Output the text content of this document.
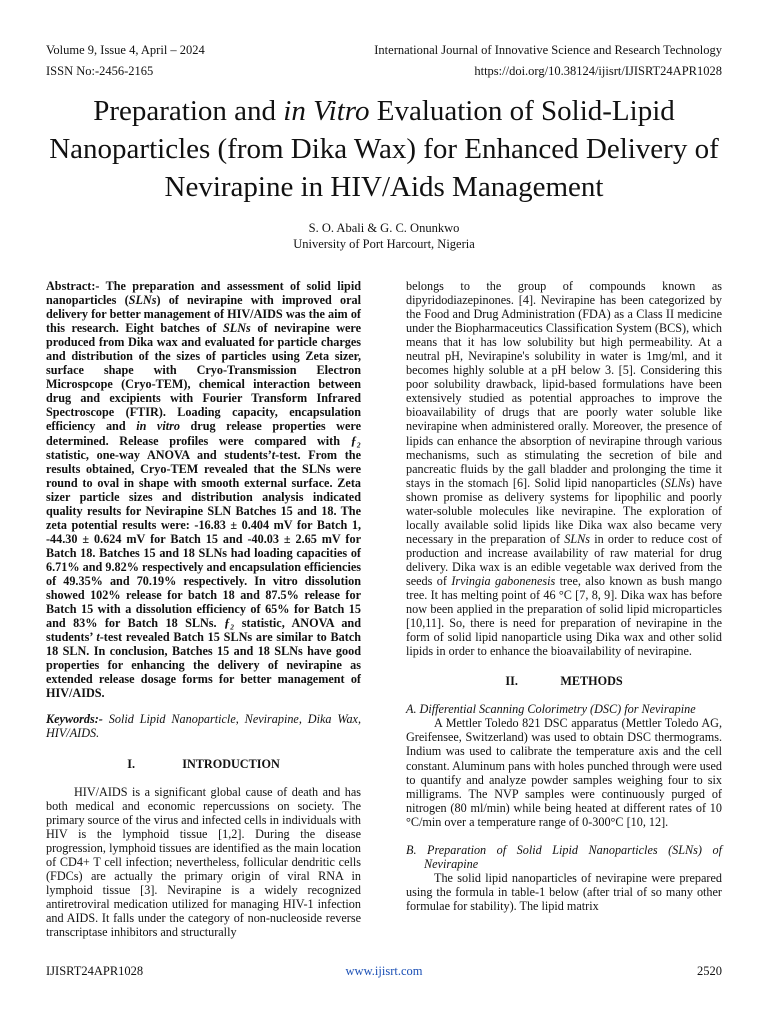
Volume 9, Issue 4, April – 2024	International Journal of Innovative Science and Research Technology
ISSN No:-2456-2165	https://doi.org/10.38124/ijisrt/IJISRT24APR1028
Preparation and in Vitro Evaluation of Solid-Lipid Nanoparticles (from Dika Wax) for Enhanced Delivery of Nevirapine in HIV/Aids Management
S. O. Abali & G. C. Onunkwo
University of Port Harcourt, Nigeria

Abstract:- The preparation and assessment of solid lipid nanoparticles (SLNs) of nevirapine with improved oral delivery for better management of HIV/AIDS was the aim of this research. Eight batches of SLNs of nevirapine were produced from Dika wax and evaluated for particle charges and distribution of the sizes of particles using Zeta sizer, surface shape with Cryo-Transmission Electron Microspcope (Cryo-TEM), chemical interaction between drug and excipients with Fourier Transform Infrared Spectroscope (FTIR). Loading capacity, encapsulation efficiency and in vitro drug release properties were determined. Release profiles were compared with ƒ₂ statistic, one-way ANOVA and students’t-test. From the results obtained, Cryo-TEM revealed that the SLNs were round to oval in shape with smooth external surface. Zeta sizer particle sizes and distribution analysis indicated quality results for Nevirapine SLN Batches 15 and 18. The zeta potential results were: -16.83 ± 0.404 mV for Batch 1, -44.30 ± 0.624 mV for Batch 15 and -40.03 ± 2.65 mV for Batch 18. Batches 15 and 18 SLNs had loading capacities of 6.71% and 9.82% respectively and encapsulation efficiencies of 49.35% and 70.19% respectively. In vitro dissolution showed 102% release for batch 18 and 87.5% release for Batch 15 with a dissolution efficiency of 65% for Batch 15 and 83% for Batch 18 SLNs. ƒ₂ statistic, ANOVA and students’ t-test revealed Batch 15 SLNs are similar to Batch 18 SLN. In conclusion, Batches 15 and 18 SLNs have good properties for enhancing the delivery of nevirapine as extended release dosage forms for better management of HIV/AIDS.

Keywords:- Solid Lipid Nanoparticle, Nevirapine, Dika Wax, HIV/AIDS.

I.	INTRODUCTION

HIV/AIDS is a significant global cause of death and has both medical and economic repercussions on society. The primary source of the virus and infected cells in individuals with HIV is the lymphoid tissue [1,2]. During the disease progression, lymphoid tissues are identified as the main location of CD4+ T cell infection; nevertheless, follicular dendritic cells (FDCs) are actually the primary origin of viral RNA in lymphoid tissue [3]. Nevirapine is a widely recognized antiretroviral medication utilized for managing HIV-1 infection and AIDS. It falls under the category of non-nucleoside reverse transcriptase inhibitors and structurally

belongs to the group of compounds known as dipyridodiazepinones. [4]. Nevirapine has been categorized by the Food and Drug Administration (FDA) as a Class II medicine under the Biopharmaceutics Classification System (BCS), which means that it has low solubility but high permeability. At a neutral pH, Nevirapine's solubility in water is 1mg/ml, and it becomes highly soluble at a pH below 3. [5]. Considering this poor solubility drawback, lipid-based formulations have been extensively studied as potential approaches to improve the bioavailability of drugs that are poorly water soluble like nevirapine when administered orally. Moreover, the presence of lipids can enhance the absorption of nevirapine through various mechanisms, such as stimulating the secretion of bile and pancreatic fluids by the gall bladder and prolonging the time it stays in the stomach [6]. Solid lipid nanoparticles (SLNs) have shown promise as delivery systems for lipophilic and poorly water-soluble molecules like nevirapine. The exploration of locally available solid lipids like Dika wax also became very necessary in the preparation of SLNs in order to reduce cost of production and increase availability of raw material for drug delivery. Dika wax is an edible vegetable wax derived from the seeds of Irvingia gabonenesis tree, also known as bush mango tree. It has melting point of 46 °C [7, 8, 9]. Dika wax has before now been applied in the preparation of solid lipid microparticles [10,11]. So, there is need for preparation of nevirapine in the form of solid lipid nanoparticle using Dika wax and other solid lipids in order to enhance the bioavailability of nevirapine.

II.	METHODS

A. Differential Scanning Colorimetry (DSC) for Nevirapine

A Mettler Toledo 821 DSC apparatus (Mettler Toledo AG, Greifensee, Switzerland) was used to obtain DSC thermograms. Indium was used to calibrate the temperature axis and the cell constant. Aluminum pans with holes punched through were used to quantify and analyze powder samples weighing four to six milligrams. The NVP samples were continuously purged of nitrogen (80 ml/min) while being heated at different rates of 10 °C/min over a temperature range of 0-300°C [10, 12].

B. Preparation of Solid Lipid Nanoparticles (SLNs) of Nevirapine

The solid lipid nanoparticles of nevirapine were prepared using the formula in table-1 below (after trial of so many other formulae for stability). The lipid matrix

IJISRT24APR1028	www.ijisrt.com	2520
